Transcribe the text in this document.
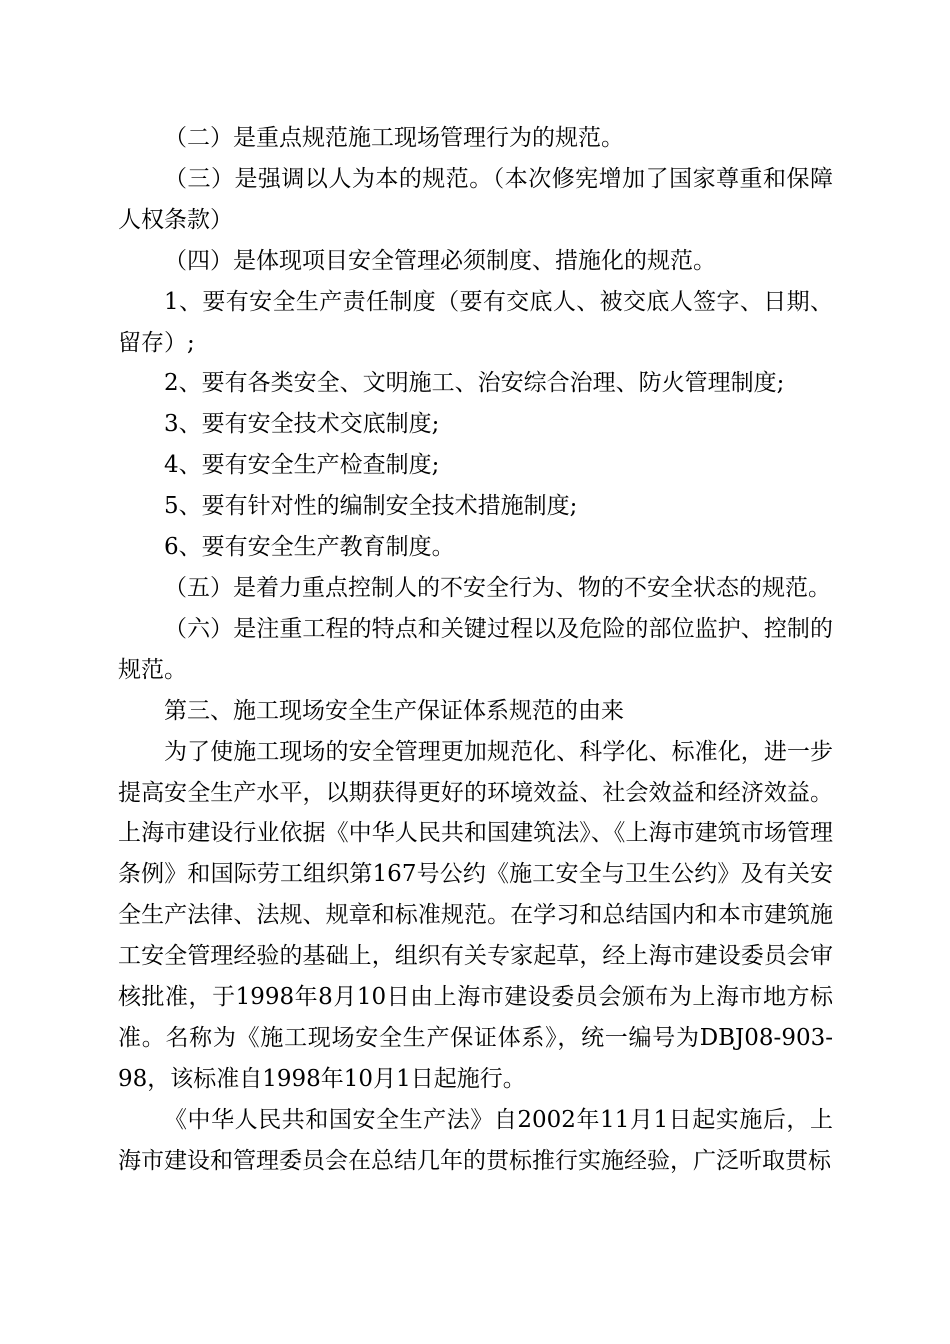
（二）是重点规范施工现场管理行为的规范。

（三）是强调以人为本的规范。（本次修宪增加了国家尊重和保障人权条款）

（四）是体现项目安全管理必须制度、措施化的规范。

1、要有安全生产责任制度（要有交底人、被交底人签字、日期、留存）;

2、要有各类安全、文明施工、治安综合治理、防火管理制度;

3、要有安全技术交底制度;

4、要有安全生产检查制度;

5、要有针对性的编制安全技术措施制度;

6、要有安全生产教育制度。

（五）是着力重点控制人的不安全行为、物的不安全状态的规范。

（六）是注重工程的特点和关键过程以及危险的部位监护、控制的规范。

第三、施工现场安全生产保证体系规范的由来

为了使施工现场的安全管理更加规范化、科学化、标准化，进一步提高安全生产水平，以期获得更好的环境效益、社会效益和经济效益。上海市建设行业依据《中华人民共和国建筑法》、《上海市建筑市场管理条例》和国际劳工组织第167号公约《施工安全与卫生公约》及有关安全生产法律、法规、规章和标准规范。在学习和总结国内和本市建筑施工安全管理经验的基础上，组织有关专家起草，经上海市建设委员会审核批准，于1998年8月10日由上海市建设委员会颁布为上海市地方标准。名称为《施工现场安全生产保证体系》，统一编号为DBJ08-903-98，该标准自1998年10月1日起施行。

《中华人民共和国安全生产法》自2002年11月1日起实施后，上海市建设和管理委员会在总结几年的贯标推行实施经验，广泛听取贯标
